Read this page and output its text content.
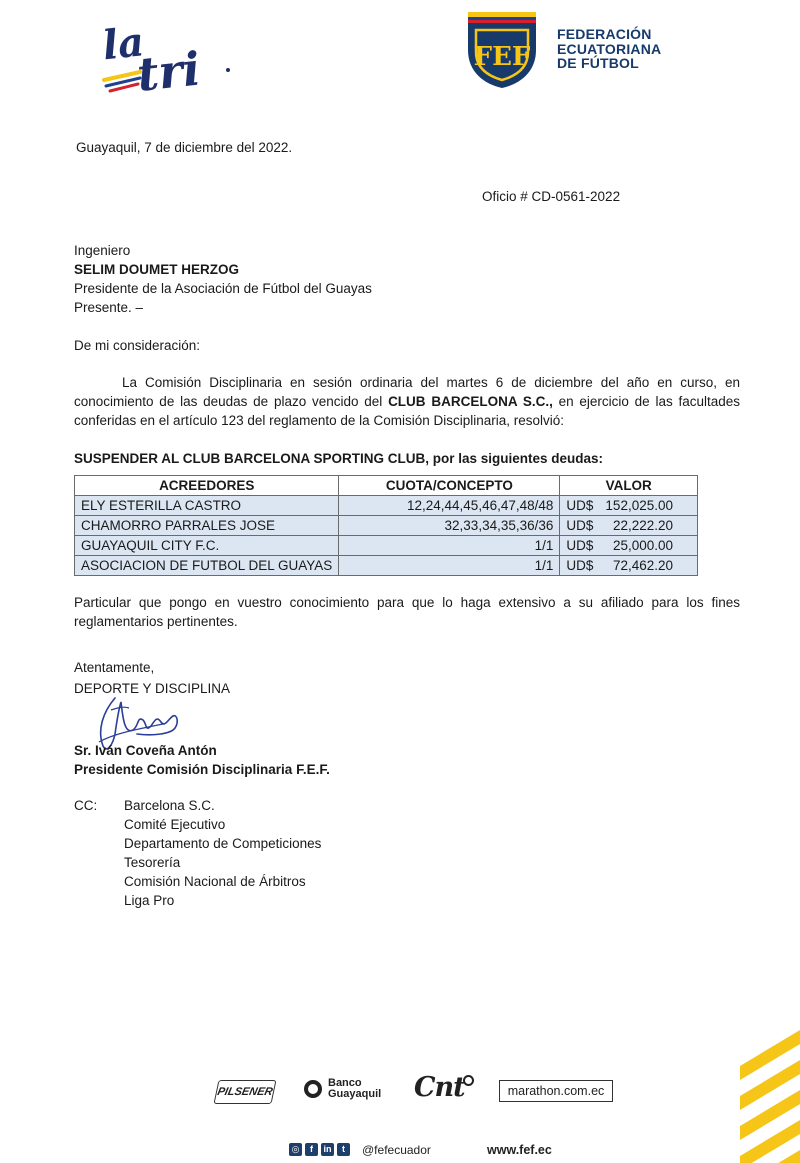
la
tri	FEF
FEDERACIÓN
ECUATORIANA
DE FÚTBOL
Guayaquil, 7 de diciembre del 2022.
Oficio # CD-0561-2022
Ingeniero
SELIM DOUMET HERZOG
Presidente de la Asociación de Fútbol del Guayas
Presente. –
De mi consideración:
La Comisión Disciplinaria en sesión ordinaria del martes 6 de diciembre del año en curso, en conocimiento de las deudas de plazo vencido del CLUB BARCELONA S.C., en ejercicio de las facultades conferidas en el artículo 123 del reglamento de la Comisión Disciplinaria, resolvió:
SUSPENDER AL CLUB BARCELONA SPORTING CLUB, por las siguientes deudas:
ACREEDORES	CUOTA/CONCEPTO	VALOR
ELY ESTERILLA CASTRO	12,24,44,45,46,47,48/48	UD$ 152,025.00

CHAMORRO PARRALES JOSE	32,33,34,35,36/36	UD$ 22,222.20

GUAYAQUIL CITY F.C.	1/1	UD$ 25,000.00

ASOCIACION DE FUTBOL DEL GUAYAS	1/1	UD$ 72,462.20
Particular que pongo en vuestro conocimiento para que lo haga extensivo a su afiliado para los fines reglamentarios pertinentes.
Atentamente,
DEPORTE Y DISCIPLINA
Sr. Iván Coveña Antón
Presidente Comisión Disciplinaria F.E.F.
CC: Barcelona S.C.
Comité Ejecutivo
Departamento de Competiciones
Tesorería
Comisión Nacional de Árbitros
Liga Pro
PILSENER
Banco
Guayaquil Cnt	marathon.com.ec
◎	f	in	t	@fefecuador	www.fef.ec
